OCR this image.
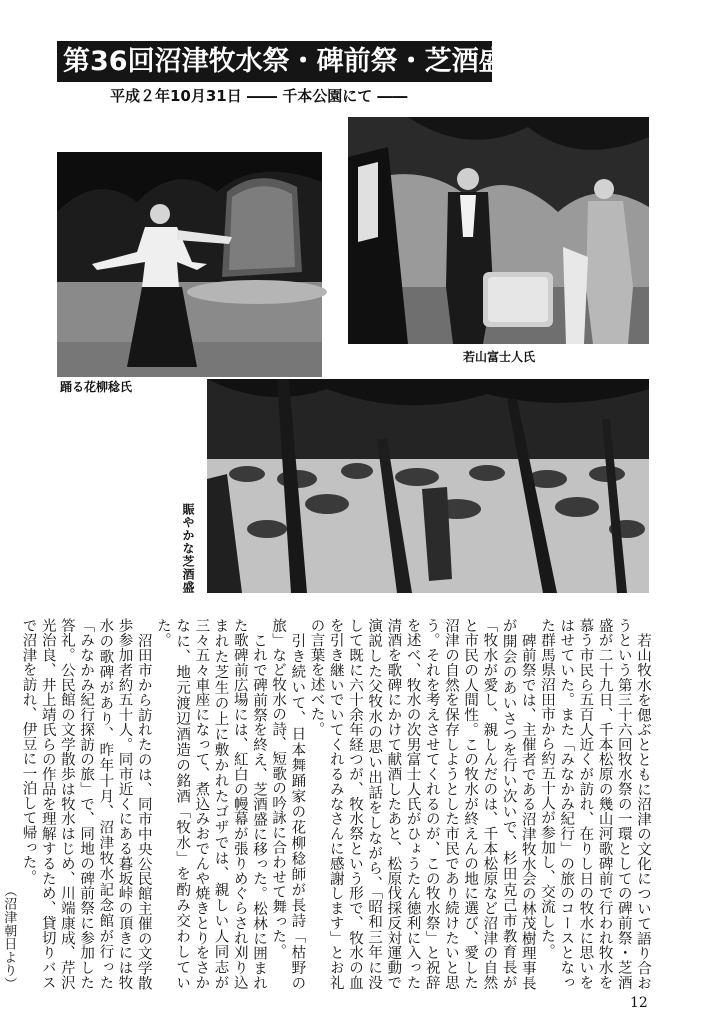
第36回沼津牧水祭・碑前祭・芝酒盛
平成２年10月31日 ―― 千本公園にて ――
踊る花柳稔氏
若山富士人氏
賑やかな芝酒盛

若山牧水を偲ぶとともに沼津の文化について語り合おうという第三十六回牧水祭の一環としての碑前祭・芝酒盛が二十九日、千本松原の幾山河歌碑前で行われ牧水を慕う市民ら五百人近くが訪れ、在りし日の牧水に思いをはせていた。また「みなかみ紀行」の旅のコースとなった群馬県沼田市から約五十人が参加し、交流した。

碑前祭では、主催者である沼津牧水会の林茂樹理事長が開会のあいさつを行い次いで、杉田克己市教育長が「牧水が愛し、親しんだのは、千本松原など沼津の自然と市民の人間性。この牧水が終えんの地に選び、愛した沼津の自然を保存しようとした市民であり続けたいと思う。それを考えさせてくれるのが、この牧水祭」と祝辞を述べ、牧水の次男富士人氏がひょうたん徳利に入った清酒を歌碑にかけて献酒したあと、松原伐採反対運動で演説した父牧水の思い出話をしながら、「昭和三年に没して既に六十余年経つが、牧水祭という形で、牧水の血を引き継いでいてくれるみなさんに感謝します」とお礼の言葉を述べた。

引き続いて、日本舞踊家の花柳稔師が長詩「枯野の旅」など牧水の詩、短歌の吟詠に合わせて舞った。

これで碑前祭を終え、芝酒盛に移った。松林に囲まれた歌碑前広場には、紅白の幔幕が張りめぐらされ刈り込まれた芝生の上に敷かれたゴザでは、親しい人同志が三々五々車座になって、煮込みおでんや焼きとりをさかなに、地元渡辺酒造の銘酒「牧水」を酌み交わしていた。

沼田市から訪れたのは、同市中央公民館主催の文学散歩参加者約五十人。同市近くにある暮坂峠の頂きには牧水の歌碑があり、昨年十月、沼津牧水記念館が行った「みなかみ紀行探訪の旅」で、同地の碑前祭に参加した答礼。公民館の文学散歩は牧水はじめ、川端康成、芹沢光治良、井上靖氏らの作品を理解するため、貸切りバスで沼津を訪れ、伊豆に一泊して帰った。

（沼津朝日より）

12
